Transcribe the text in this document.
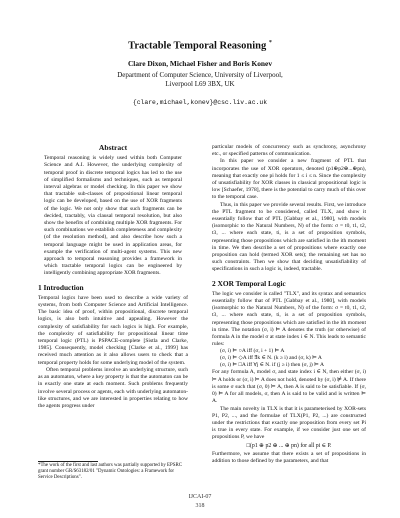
Tractable Temporal Reasoning *
Clare Dixon, Michael Fisher and Boris Konev
Department of Computer Science, University of Liverpool,
Liverpool L69 3BX, UK
{clare,michael,konev}@csc.liv.ac.uk
Abstract

Temporal reasoning is widely used within both Computer Science and A.I. However, the underlying complexity of temporal proof in discrete temporal logics has led to the use of simplified formalisms and techniques, such as temporal interval algebras or model checking. In this paper we show that tractable sub-classes of propositional linear temporal logic can be developed, based on the use of XOR fragments of the logic. We not only show that such fragments can be decided, tractably, via clausal temporal resolution, but also show the benefits of combining multiple XOR fragments. For such combinations we establish completeness and complexity (of the resolution method), and also describe how such a temporal language might be used in application areas, for example the verification of multi-agent systems. This new approach to temporal reasoning provides a framework in which tractable temporal logics can be engineered by intelligently combining appropriate XOR fragments.

1 Introduction

Temporal logics have been used to describe a wide variety of systems, from both Computer Science and Artificial Intelligence. The basic idea of proof, within propositional, discrete temporal logics, is also both intuitive and appealing. However the complexity of satisfiability for such logics is high. For example, the complexity of satisfiability for propositional linear time temporal logic (PTL) is PSPACE-complete [Sistla and Clarke, 1985]. Consequently, model checking [Clarke et al., 1999] has received much attention as it also allows users to check that a temporal property holds for some underlying model of the system.

Often temporal problems involve an underlying structure, such as an automaton, where a key property is that the automaton can be in exactly one state at each moment. Such problems frequently involve several process or agents, each with underlying automaton-like structures, and we are interested in properties relating to how the agents progress under

*The work of the first and last authors was partially supported by EPSRC grant number GR/S63182/01 "Dynamic Ontologies: a Framework for Service Descriptions".

particular models of concurrency such as synchrony, asynchrony etc., or specified patterns of communication.

In this paper we consider a new fragment of PTL that incorporates the use of XOR operators, denoted (p1⊕p2⊕...⊕pn), meaning that exactly one pi holds for 1 ≤ i ≤ n. Since the complexity of unsatisfiability for XOR classes in classical propositional logic is low [Schaefer, 1978], there is the potential to carry much of this over to the temporal case.

Thus, in this paper we provide several results. First, we introduce the PTL fragment to be considered, called TLX, and show it essentially follow that of PTL [Gabbay et al., 1980], with models (isomorphic to the Natural Numbers, N) of the form: σ = t0, t1, t2, t3, ... where each state, ti, is a set of proposition symbols, representing those propositions which are satisfied in the ith moment in time. We then describe a set of propositions where exactly one proposition can hold (termed XOR sets); the remaining set has no such constraints. Then we show that deciding unsatisfiability of specifications in such a logic is, indeed, tractable.

2 XOR Temporal Logic

The logic we consider is called "TLX", and its syntax and semantics essentially follow that of PTL [Gabbay et al., 1980], with models (isomorphic to the Natural Numbers, N) of the form: σ = t0, t1, t2, t3, ... where each state, ti, is a set of proposition symbols, representing those propositions which are satisfied in the ith moment in time. The notation (σ, i) ⊨ A denotes the truth (or otherwise) of formula A in the model σ at state index i ∈ N. This leads to semantic rules:

(σ, i) ⊨ ○A iff (σ, i + 1) ⊨ A
(σ, i) ⊨ ◇A iff ∃k ∈ N. (k ≥ i) and (σ, k) ⊨ A
(σ, i) ⊨ □A iff ∀j ∈ N. if (j ≥ i) then (σ, j) ⊨ A

For any formula A, model σ, and state index i ∈ N, then either (σ, i) ⊨ A holds or (σ, i) ⊨ A does not hold, denoted by (σ, i) ⊭ A. If there is some σ such that (σ, 0) ⊨ A, then A is said to be satisfiable. If (σ, 0) ⊨ A for all models, σ, then A is said to be valid and is written ⊨ A.

The main novelty in TLX is that it is parameterised by XOR-sets P1, P2, ..., and the formulae of TLX(P1, P2, ...) are constructed under the restrictions that exactly one proposition from every set Pi is true in every state. For example, if we consider just one set of propositions P, we have

□(p1 ⊕ p2 ⊕ ... ⊕ pn) for all pi ∈ P.

Furthermore, we assume that there exists a set of propositions in addition to those defined by the parameters, and that

IJCAI-07
318
